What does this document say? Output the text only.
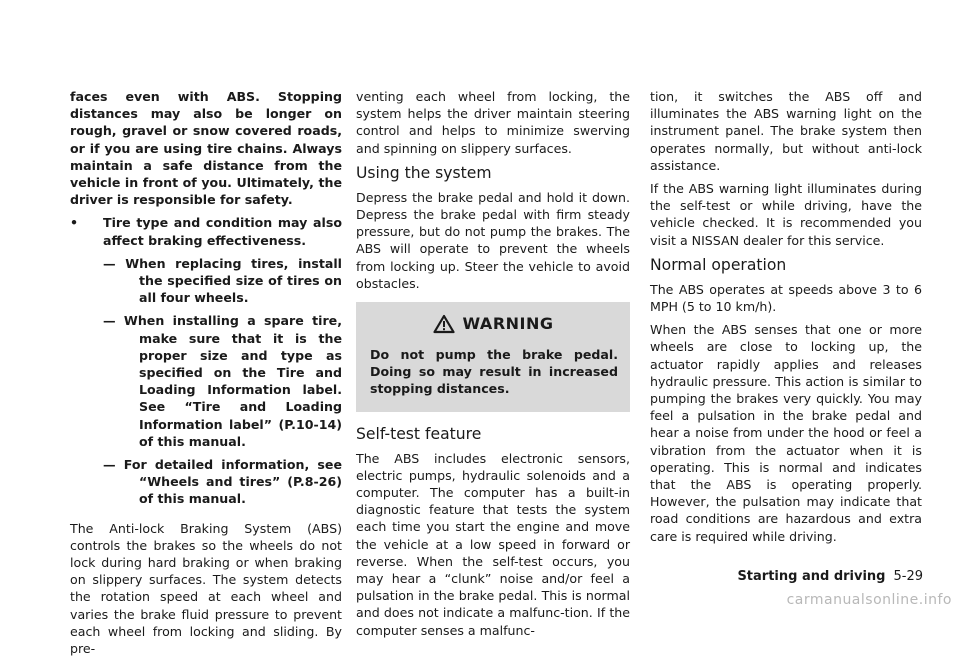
faces even with ABS. Stopping distances may also be longer on rough, gravel or snow covered roads, or if you are using tire chains. Always maintain a safe distance from the vehicle in front of you. Ultimately, the driver is responsible for safety.

•	Tire type and condition may also affect braking effectiveness.
— When replacing tires, install the specified size of tires on all four wheels.
— When installing a spare tire, make sure that it is the proper size and type as specified on the Tire and Loading Information label. See “Tire and Loading Information label” (P.10-14) of this manual.
— For detailed information, see “Wheels and tires” (P.8-26) of this manual.

The Anti-lock Braking System (ABS) controls the brakes so the wheels do not lock during hard braking or when braking on slippery surfaces. The system detects the rotation speed at each wheel and varies the brake fluid pressure to prevent each wheel from locking and sliding. By pre-

venting each wheel from locking, the system helps the driver maintain steering control and helps to minimize swerving and spinning on slippery surfaces.

Using the system

Depress the brake pedal and hold it down. Depress the brake pedal with firm steady pressure, but do not pump the brakes. The ABS will operate to prevent the wheels from locking up. Steer the vehicle to avoid obstacles.

WARNING
Do not pump the brake pedal. Doing so may result in increased stopping distances.
Self-test feature

The ABS includes electronic sensors, electric pumps, hydraulic solenoids and a computer. The computer has a built-in diagnostic feature that tests the system each time you start the engine and move the vehicle at a low speed in forward or reverse. When the self-test occurs, you may hear a “clunk” noise and/or feel a pulsation in the brake pedal. This is normal and does not indicate a malfunc-tion. If the computer senses a malfunc-

tion, it switches the ABS off and illuminates the ABS warning light on the instrument panel. The brake system then operates normally, but without anti-lock assistance.

If the ABS warning light illuminates during the self-test or while driving, have the vehicle checked. It is recommended you visit a NISSAN dealer for this service.

Normal operation

The ABS operates at speeds above 3 to 6 MPH (5 to 10 km/h).

When the ABS senses that one or more wheels are close to locking up, the actuator rapidly applies and releases hydraulic pressure. This action is similar to pumping the brakes very quickly. You may feel a pulsation in the brake pedal and hear a noise from under the hood or feel a vibration from the actuator when it is operating. This is normal and indicates that the ABS is operating properly. However, the pulsation may indicate that road conditions are hazardous and extra care is required while driving.

Starting and driving 5-29
carmanualsonline.info
